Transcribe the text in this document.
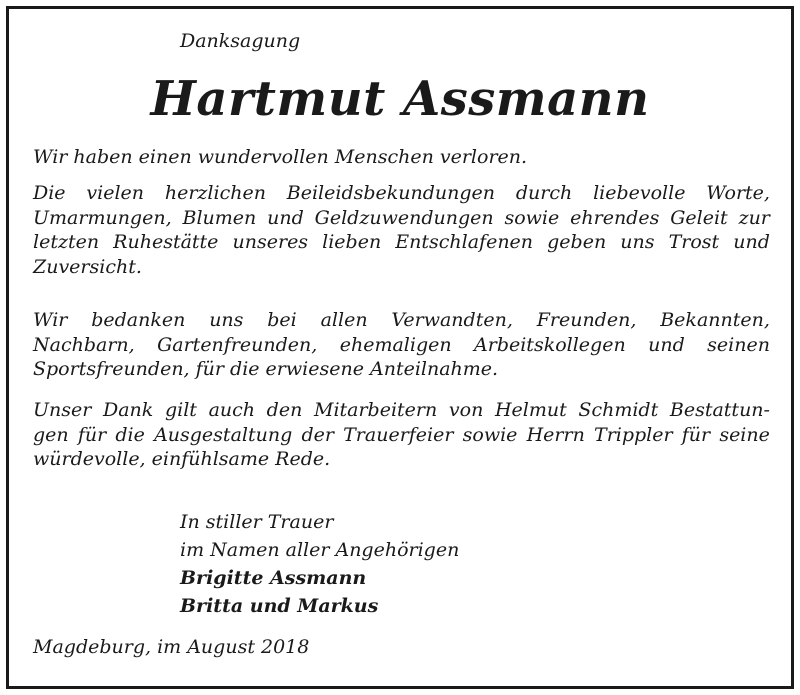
Danksagung
Hartmut Assmann
Wir haben einen wundervollen Menschen verloren.
Die vielen herzlichen Beileidsbekundungen durch liebevolle Worte,
Umarmungen, Blumen und Geldzuwendungen sowie ehrendes Geleit zur
letzten Ruhestätte unseres lieben Entschlafenen geben uns Trost und
Zuversicht.
Wir bedanken uns bei allen Verwandten, Freunden, Bekannten,
Nachbarn, Gartenfreunden, ehemaligen Arbeitskollegen und seinen
Sportsfreunden, für die erwiesene Anteilnahme.
Unser Dank gilt auch den Mitarbeitern von Helmut Schmidt Bestattun-
gen für die Ausgestaltung der Trauerfeier sowie Herrn Trippler für seine
würdevolle, einfühlsame Rede.
In stiller Trauer
im Namen aller Angehörigen
Brigitte Assmann
Britta und Markus
Magdeburg, im August 2018
